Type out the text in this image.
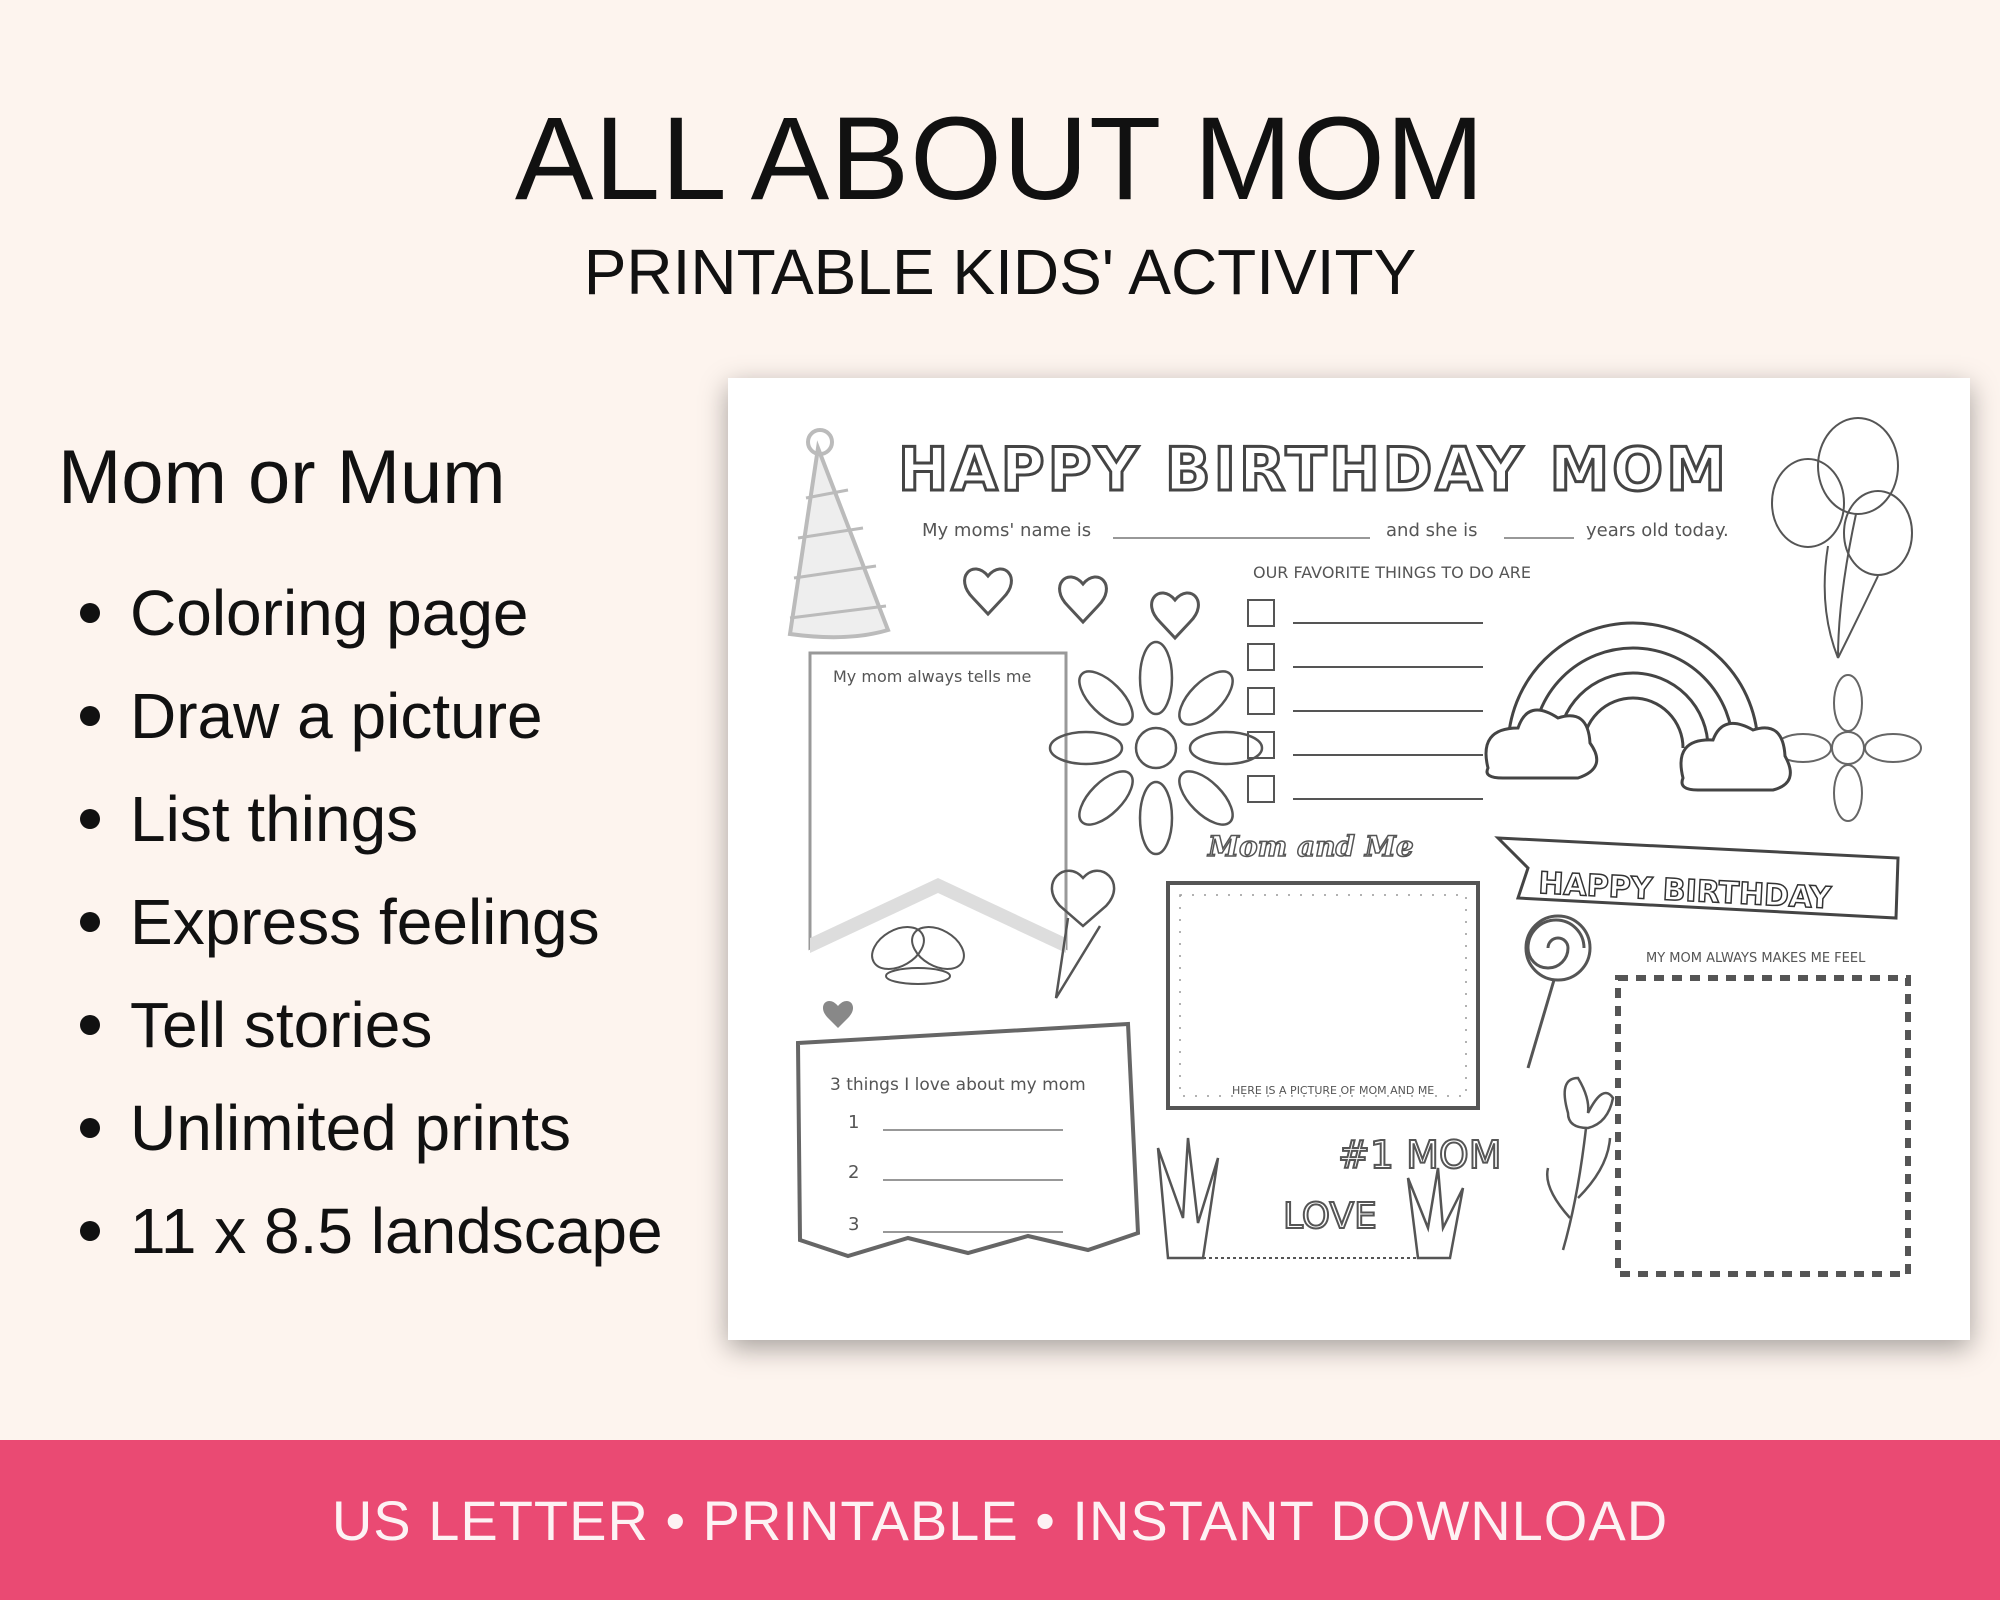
ALL ABOUT MOM
PRINTABLE KIDS' ACTIVITY
Mom or Mum
Coloring page
Draw a picture
List things
Express feelings
Tell stories
Unlimited prints
11 x 8.5 landscape
HAPPY BIRTHDAY MOM
My moms' name is	and she is	years old today.
OUR FAVORITE THINGS TO DO ARE
My mom always tells me
Mom and Me
HERE IS A PICTURE OF MOM AND ME
HAPPY BIRTHDAY
MY MOM ALWAYS MAKES ME FEEL
3 things I love about my mom
1
2
3
#1 MOM
LOVE
US LETTER • PRINTABLE • INSTANT DOWNLOAD
